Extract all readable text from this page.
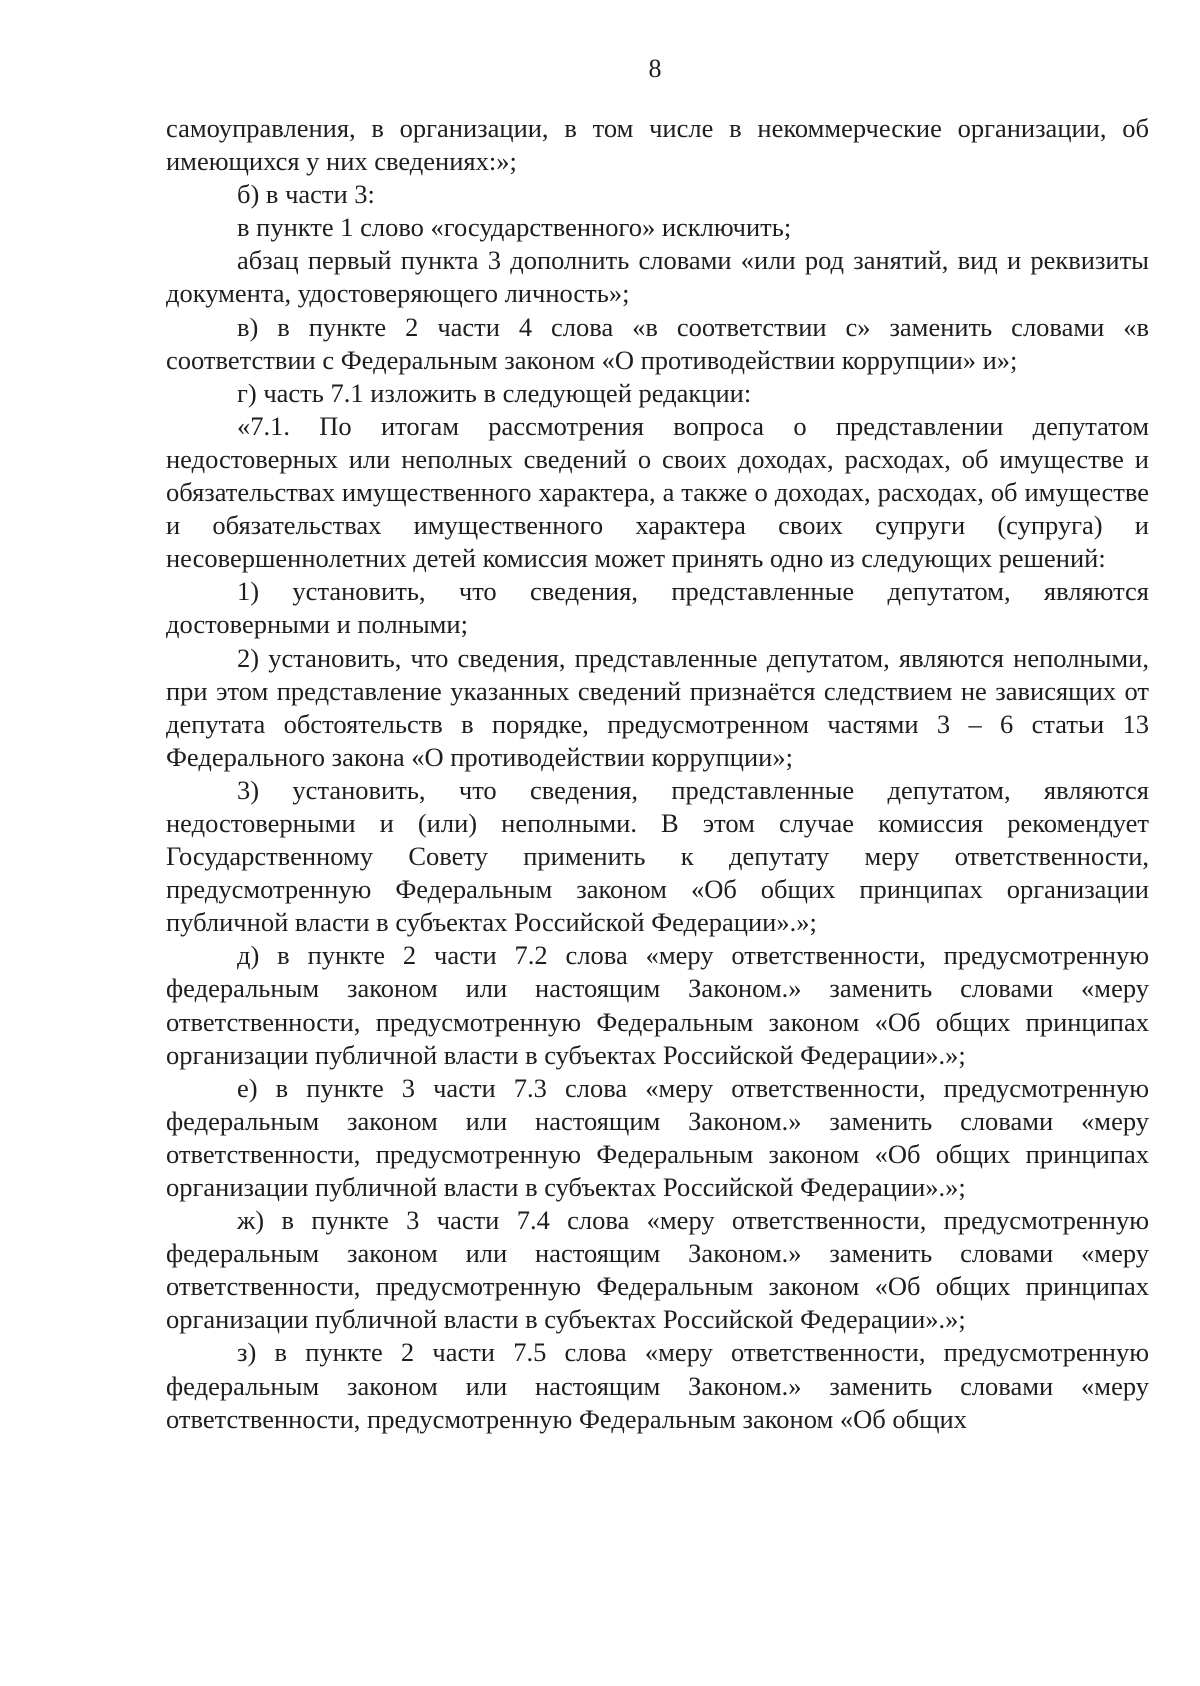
8

самоуправления, в организации, в том числе в некоммерческие организации, об имеющихся у них сведениях:»;

б) в части 3:

в пункте 1 слово «государственного» исключить;

абзац первый пункта 3 дополнить словами «или род занятий, вид и реквизиты документа, удостоверяющего личность»;

в) в пункте 2 части 4 слова «в соответствии с» заменить словами «в соответствии с Федеральным законом «О противодействии коррупции» и»;

г) часть 7.1 изложить в следующей редакции:

«7.1. По итогам рассмотрения вопроса о представлении депутатом недостоверных или неполных сведений о своих доходах, расходах, об имуществе и обязательствах имущественного характера, а также о доходах, расходах, об имуществе и обязательствах имущественного характера своих супруги (супруга) и несовершеннолетних детей комиссия может принять одно из следующих решений:

1) установить, что сведения, представленные депутатом, являются достоверными и полными;

2) установить, что сведения, представленные депутатом, являются неполными, при этом представление указанных сведений признаётся следствием не зависящих от депутата обстоятельств в порядке, предусмотренном частями 3 – 6 статьи 13 Федерального закона «О противодействии коррупции»;

3) установить, что сведения, представленные депутатом, являются недостоверными и (или) неполными. В этом случае комиссия рекомендует Государственному Совету применить к депутату меру ответственности, предусмотренную Федеральным законом «Об общих принципах организации публичной власти в субъектах Российской Федерации».»;

д) в пункте 2 части 7.2 слова «меру ответственности, предусмотренную федеральным законом или настоящим Законом.» заменить словами «меру ответственности, предусмотренную Федеральным законом «Об общих принципах организации публичной власти в субъектах Российской Федерации».»;

е) в пункте 3 части 7.3 слова «меру ответственности, предусмотренную федеральным законом или настоящим Законом.» заменить словами «меру ответственности, предусмотренную Федеральным законом «Об общих принципах организации публичной власти в субъектах Российской Федерации».»;

ж) в пункте 3 части 7.4 слова «меру ответственности, предусмотренную федеральным законом или настоящим Законом.» заменить словами «меру ответственности, предусмотренную Федеральным законом «Об общих принципах организации публичной власти в субъектах Российской Федерации».»;

з) в пункте 2 части 7.5 слова «меру ответственности, предусмотренную федеральным законом или настоящим Законом.» заменить словами «меру ответственности, предусмотренную Федеральным законом «Об общих
